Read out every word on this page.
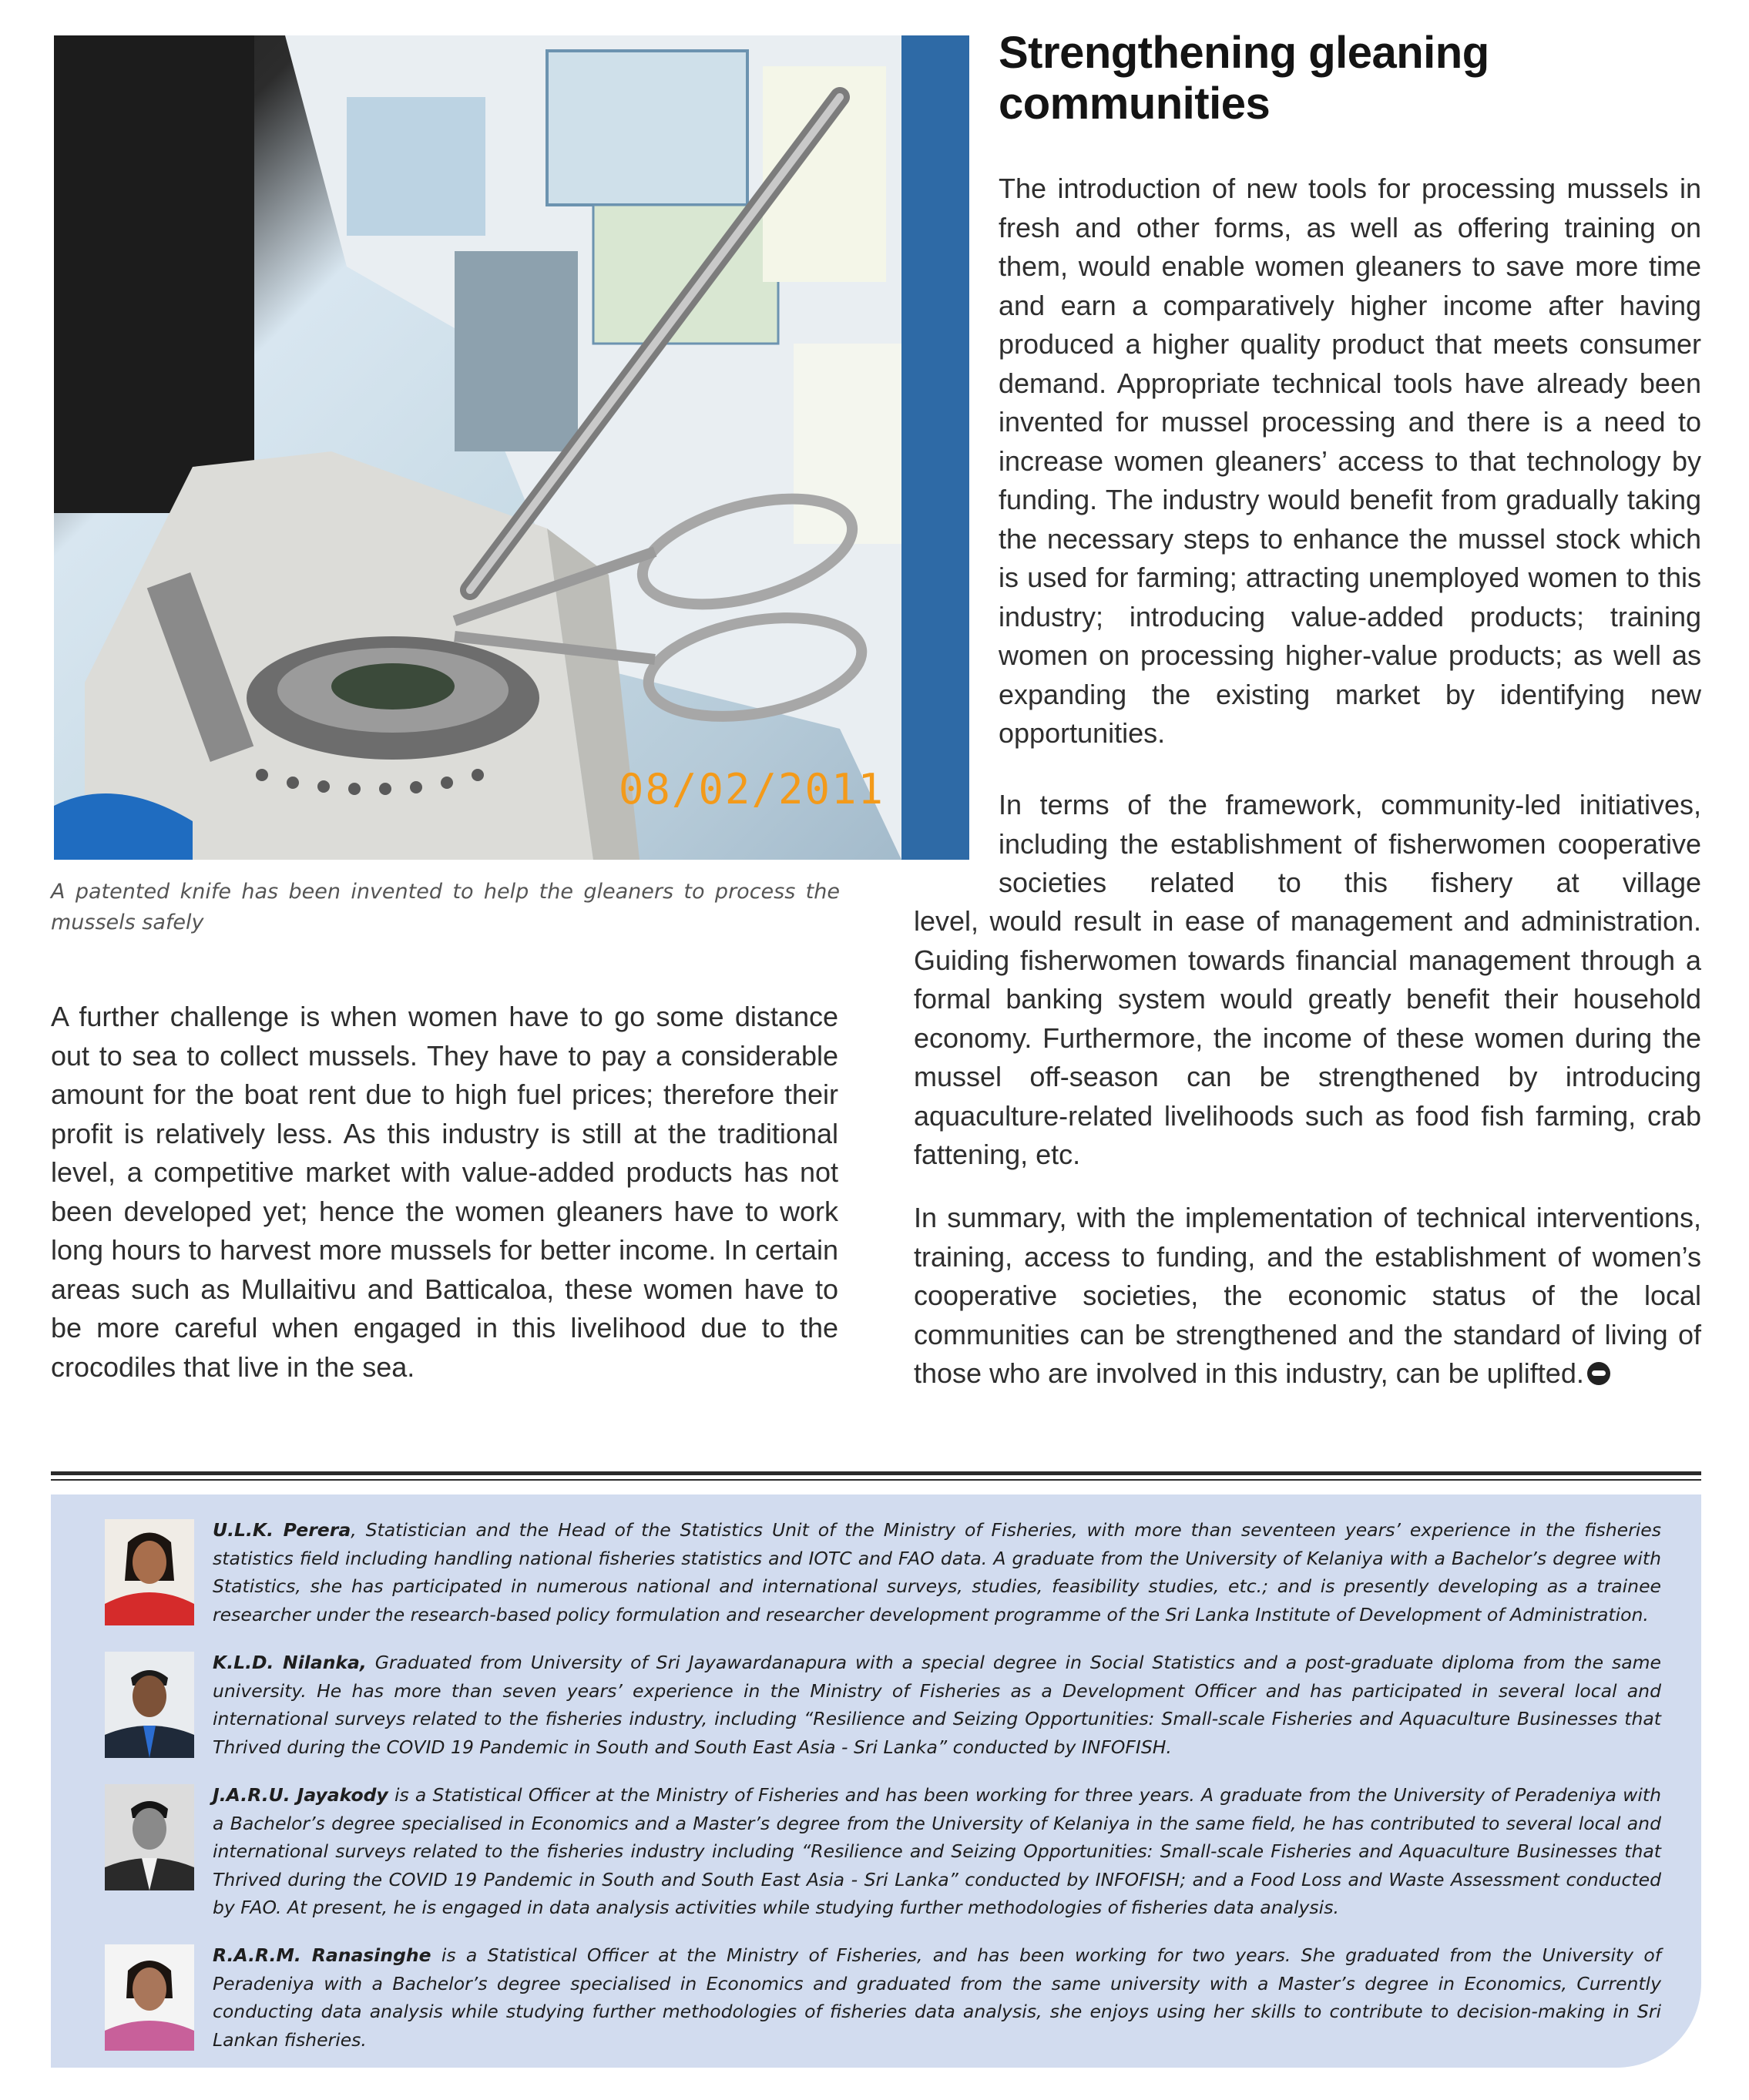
08/02/2011
A patented knife has been invented to help the gleaners to process the mussels safely
Strengthening gleaning communities

The introduction of new tools for processing mussels in fresh and other forms, as well as offering training on them, would enable women gleaners to save more time and earn a comparatively higher income after having produced a higher quality product that meets consumer demand. Appropriate technical tools have already been invented for mussel processing and there is a need to increase women gleaners’ access to that technology by funding. The industry would benefit from gradually taking the necessary steps to enhance the mussel stock which is used for farming; attracting unemployed women to this industry; introducing value-added products; training women on processing higher-value products; as well as expanding the existing market by identifying new opportunities.

In terms of the framework, community-led initiatives, including the establishment of fisherwomen cooperative societies related to this fishery at village

level, would result in ease of management and administration. Guiding fisherwomen towards financial management through a formal banking system would greatly benefit their household economy. Furthermore, the income of these women during the mussel off-season can be strengthened by introducing aquaculture-related livelihoods such as food fish farming, crab fattening, etc.

In summary, with the implementation of technical interventions, training, access to funding, and the establishment of women’s cooperative societies, the economic status of the local communities can be strengthened and the standard of living of those who are involved in this industry, can be uplifted.

A further challenge is when women have to go some distance out to sea to collect mussels. They have to pay a considerable amount for the boat rent due to high fuel prices; therefore their profit is relatively less. As this industry is still at the traditional level, a competitive market with value-added products has not been developed yet; hence the women gleaners have to work long hours to harvest more mussels for better income. In certain areas such as Mullaitivu and Batticaloa, these women have to be more careful when engaged in this livelihood due to the crocodiles that live in the sea.

U.L.K. Perera, Statistician and the Head of the Statistics Unit of the Ministry of Fisheries, with more than seventeen years’ experience in the fisheries statistics field including handling national fisheries statistics and IOTC and FAO data. A graduate from the University of Kelaniya with a Bachelor’s degree with Statistics, she has participated in numerous national and international surveys, studies, feasibility studies, etc.; and is presently developing as a trainee researcher under the research-based policy formulation and researcher development programme of the Sri Lanka Institute of Development of Administration.
K.L.D. Nilanka, Graduated from University of Sri Jayawardanapura with a special degree in Social Statistics and a post-graduate diploma from the same university. He has more than seven years’ experience in the Ministry of Fisheries as a Development Officer and has participated in several local and international surveys related to the fisheries industry, including “Resilience and Seizing Opportunities: Small-scale Fisheries and Aquaculture Businesses that Thrived during the COVID 19 Pandemic in South and South East Asia - Sri Lanka” conducted by INFOFISH.
J.A.R.U. Jayakody is a Statistical Officer at the Ministry of Fisheries and has been working for three years. A graduate from the University of Peradeniya with a Bachelor’s degree specialised in Economics and a Master’s degree from the University of Kelaniya in the same field, he has contributed to several local and international surveys related to the fisheries industry including “Resilience and Seizing Opportunities: Small-scale Fisheries and Aquaculture Businesses that Thrived during the COVID 19 Pandemic in South and South East Asia - Sri Lanka” conducted by INFOFISH; and a Food Loss and Waste Assessment conducted by FAO. At present, he is engaged in data analysis activities while studying further methodologies of fisheries data analysis.
R.A.R.M. Ranasinghe is a Statistical Officer at the Ministry of Fisheries, and has been working for two years. She graduated from the University of Peradeniya with a Bachelor’s degree specialised in Economics and graduated from the same university with a Master’s degree in Economics, Currently conducting data analysis while studying further methodologies of fisheries data analysis, she enjoys using her skills to contribute to decision-making in Sri Lankan fisheries.
